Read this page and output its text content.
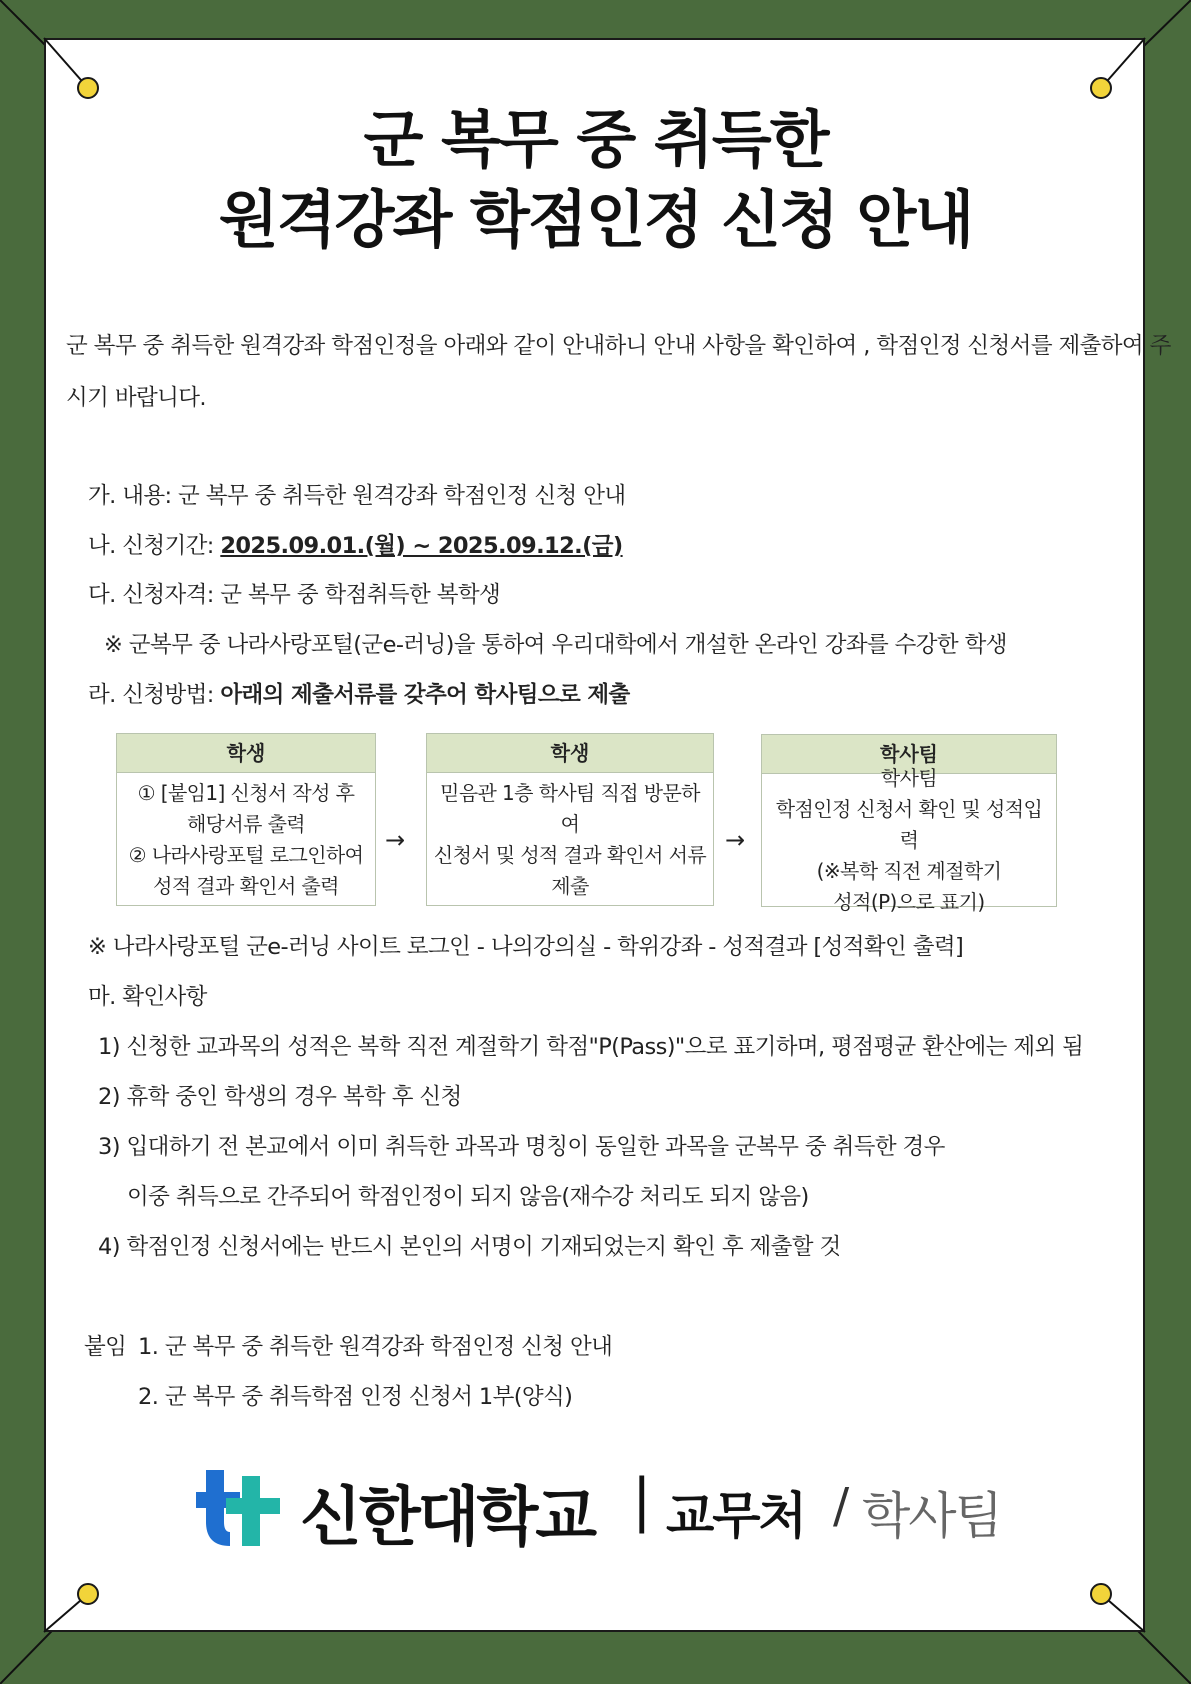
군 복무 중 취득한
원격강좌 학점인정 신청 안내
군 복무 중 취득한 원격강좌 학점인정을 아래와 같이 안내하니 안내 사항을 확인하여 , 학점인정 신청서를 제출하여 주시기 바랍니다.
가. 내용: 군 복무 중 취득한 원격강좌 학점인정 신청 안내
나. 신청기간: 2025.09.01.(월) ~ 2025.09.12.(금)
다. 신청자격: 군 복무 중 학점취득한 복학생
※ 군복무 중 나라사랑포털(군e-러닝)을 통하여 우리대학에서 개설한 온라인 강좌를 수강한 학생
라. 신청방법: 아래의 제출서류를 갖추어 학사팀으로 제출
학생
① [붙임1] 신청서 작성 후
해당서류 출력
② 나라사랑포털 로그인하여
성적 결과 확인서 출력
→
학생
믿음관 1층 학사팀 직접 방문하여
신청서 및 성적 결과 확인서 서류
제출
→
학사팀
학사팀
학점인정 신청서 확인 및 성적입력
(※복학 직전 계절학기
성적(P)으로 표기)
※ 나라사랑포털 군e-러닝 사이트 로그인 - 나의강의실 - 학위강좌 - 성적결과 [성적확인 출력]
마. 확인사항
1) 신청한 교과목의 성적은 복학 직전 계절학기 학점"P(Pass)"으로 표기하며, 평점평균 환산에는 제외 됨
2) 휴학 중인 학생의 경우 복학 후 신청
3) 입대하기 전 본교에서 이미 취득한 과목과 명칭이 동일한 과목을 군복무 중 취득한 경우
이중 취득으로 간주되어 학점인정이 되지 않음(재수강 처리도 되지 않음)
4) 학점인정 신청서에는 반드시 본인의 서명이 기재되었는지 확인 후 제출할 것
붙임 1. 군 복무 중 취득한 원격강좌 학점인정 신청 안내
2. 군 복무 중 취득학점 인정 신청서 1부(양식)
신한대학교 | 교무처 / 학사팀
